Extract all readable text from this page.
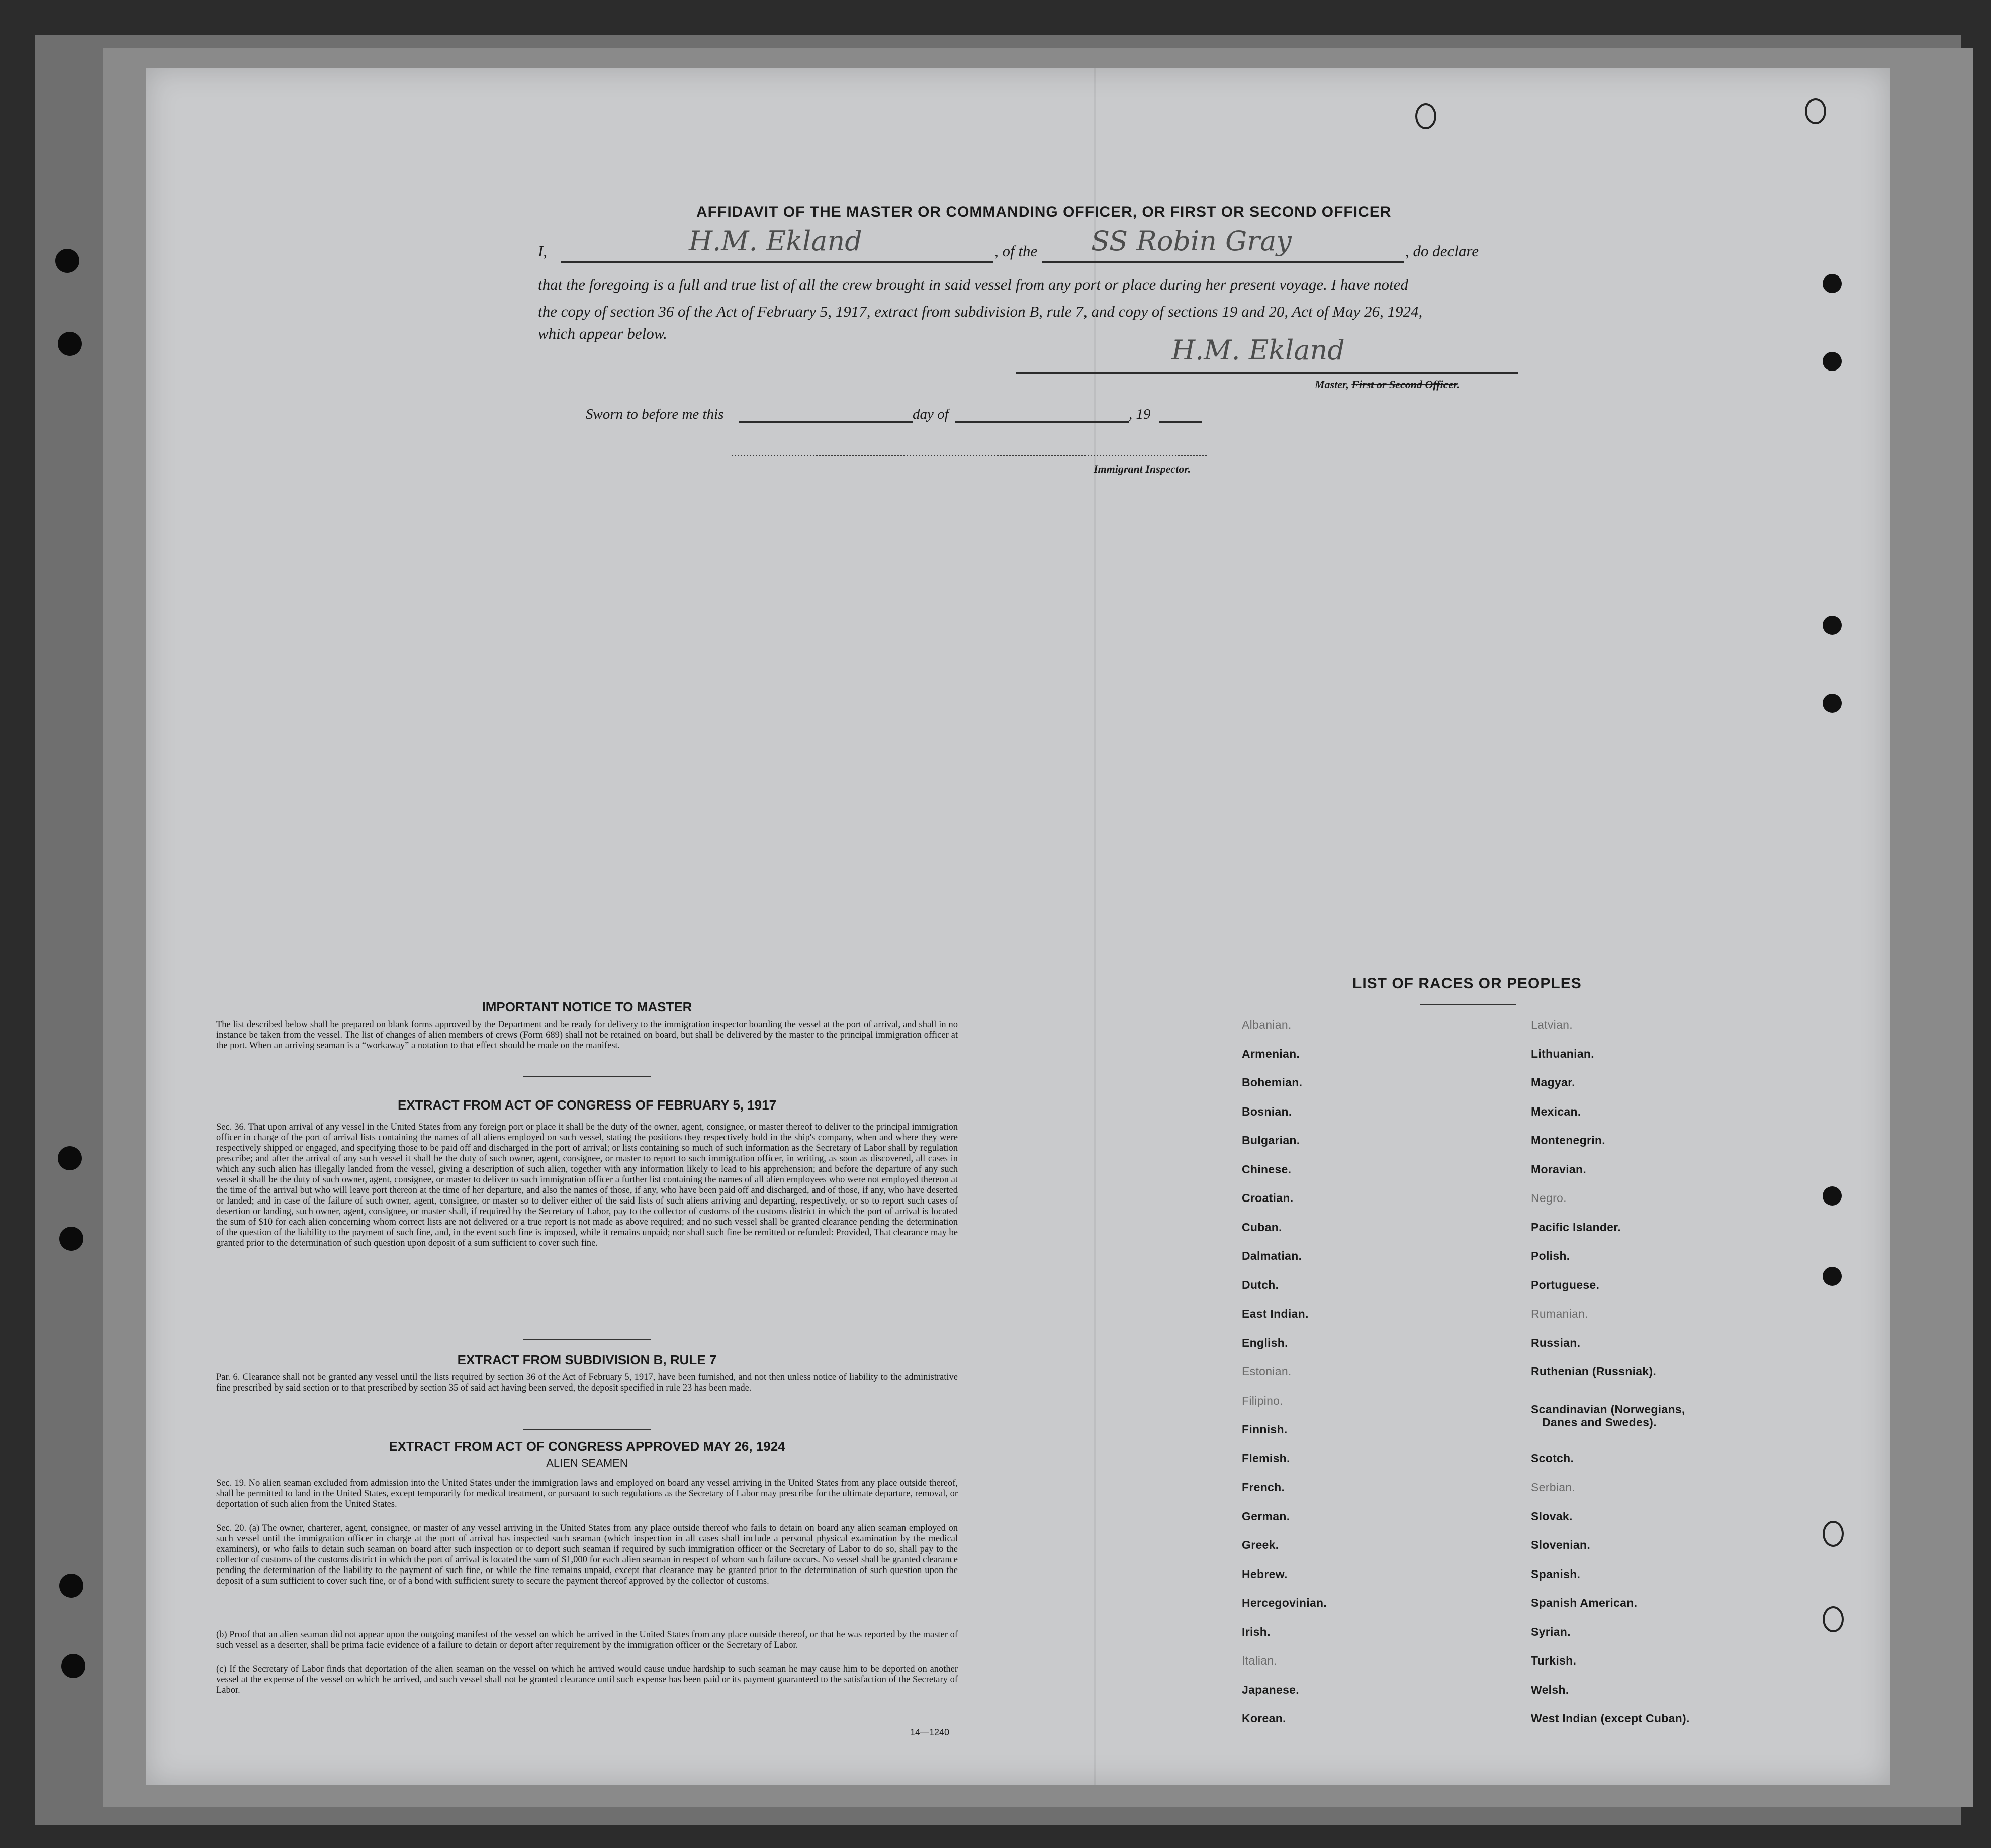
AFFIDAVIT OF THE MASTER OR COMMANDING OFFICER, OR FIRST OR SECOND OFFICER
I,	H.M. Ekland	, of the SS Robin Gray	, do declare
that the foregoing is a full and true list of all the crew brought in said vessel from any port or place during her present voyage. I have noted
the copy of section 36 of the Act of February 5, 1917, extract from subdivision B, rule 7, and copy of sections 19 and 20, Act of May 26, 1924,
which appear below.
H.M. Ekland
Master, First or Second Officer.
Sworn to before me this	day of	, 19
Immigrant Inspector.
IMPORTANT NOTICE TO MASTER
The list described below shall be prepared on blank forms approved by the Department and be ready for delivery to the immigration inspector boarding the vessel at the port of arrival, and shall in no instance be taken from the vessel. The list of changes of alien members of crews (Form 689) shall not be retained on board, but shall be delivered by the master to the principal immigration officer at the port. When an arriving seaman is a “workaway” a notation to that effect should be made on the manifest.
EXTRACT FROM ACT OF CONGRESS OF FEBRUARY 5, 1917
Sec. 36. That upon arrival of any vessel in the United States from any foreign port or place it shall be the duty of the owner, agent, consignee, or master thereof to deliver to the principal immigration officer in charge of the port of arrival lists containing the names of all aliens employed on such vessel, stating the positions they respectively hold in the ship's company, when and where they were respectively shipped or engaged, and specifying those to be paid off and discharged in the port of arrival; or lists containing so much of such information as the Secretary of Labor shall by regulation prescribe; and after the arrival of any such vessel it shall be the duty of such owner, agent, consignee, or master to report to such immigration officer, in writing, as soon as discovered, all cases in which any such alien has illegally landed from the vessel, giving a description of such alien, together with any information likely to lead to his apprehension; and before the departure of any such vessel it shall be the duty of such owner, agent, consignee, or master to deliver to such immigration officer a further list containing the names of all alien employees who were not employed thereon at the time of the arrival but who will leave port thereon at the time of her departure, and also the names of those, if any, who have been paid off and discharged, and of those, if any, who have deserted or landed; and in case of the failure of such owner, agent, consignee, or master so to deliver either of the said lists of such aliens arriving and departing, respectively, or so to report such cases of desertion or landing, such owner, agent, consignee, or master shall, if required by the Secretary of Labor, pay to the collector of customs of the customs district in which the port of arrival is located the sum of $10 for each alien concerning whom correct lists are not delivered or a true report is not made as above required; and no such vessel shall be granted clearance pending the determination of the question of the liability to the payment of such fine, and, in the event such fine is imposed, while it remains unpaid; nor shall such fine be remitted or refunded: Provided, That clearance may be granted prior to the determination of such question upon deposit of a sum sufficient to cover such fine.
EXTRACT FROM SUBDIVISION B, RULE 7
Par. 6. Clearance shall not be granted any vessel until the lists required by section 36 of the Act of February 5, 1917, have been furnished, and not then unless notice of liability to the administrative fine prescribed by said section or to that prescribed by section 35 of said act having been served, the deposit specified in rule 23 has been made.
EXTRACT FROM ACT OF CONGRESS APPROVED MAY 26, 1924
ALIEN SEAMEN
Sec. 19. No alien seaman excluded from admission into the United States under the immigration laws and employed on board any vessel arriving in the United States from any place outside thereof, shall be permitted to land in the United States, except temporarily for medical treatment, or pursuant to such regulations as the Secretary of Labor may prescribe for the ultimate departure, removal, or deportation of such alien from the United States.
Sec. 20. (a) The owner, charterer, agent, consignee, or master of any vessel arriving in the United States from any place outside thereof who fails to detain on board any alien seaman employed on such vessel until the immigration officer in charge at the port of arrival has inspected such seaman (which inspection in all cases shall include a personal physical examination by the medical examiners), or who fails to detain such seaman on board after such inspection or to deport such seaman if required by such immigration officer or the Secretary of Labor to do so, shall pay to the collector of customs of the customs district in which the port of arrival is located the sum of $1,000 for each alien seaman in respect of whom such failure occurs. No vessel shall be granted clearance pending the determination of the liability to the payment of such fine, or while the fine remains unpaid, except that clearance may be granted prior to the determination of such question upon the deposit of a sum sufficient to cover such fine, or of a bond with sufficient surety to secure the payment thereof approved by the collector of customs.
(b) Proof that an alien seaman did not appear upon the outgoing manifest of the vessel on which he arrived in the United States from any place outside thereof, or that he was reported by the master of such vessel as a deserter, shall be prima facie evidence of a failure to detain or deport after requirement by the immigration officer or the Secretary of Labor.
(c) If the Secretary of Labor finds that deportation of the alien seaman on the vessel on which he arrived would cause undue hardship to such seaman he may cause him to be deported on another vessel at the expense of the vessel on which he arrived, and such vessel shall not be granted clearance until such expense has been paid or its payment guaranteed to the satisfaction of the Secretary of Labor.
14—1240
LIST OF RACES OR PEOPLES
Albanian.
Armenian.
Bohemian.
Bosnian.
Bulgarian.
Chinese.
Croatian.
Cuban.
Dalmatian.
Dutch.
East Indian.
English.
Estonian.
Filipino.
Finnish.
Flemish.
French.
German.
Greek.
Hebrew.
Hercegovinian.
Irish.
Italian.
Japanese.
Korean.
Latvian.
Lithuanian.
Magyar.
Mexican.
Montenegrin.
Moravian.
Negro.
Pacific Islander.
Polish.
Portuguese.
Rumanian.
Russian.
Ruthenian (Russniak).
Scandinavian (Norwegians,
Danes and Swedes).
Scotch.
Serbian.
Slovak.
Slovenian.
Spanish.
Spanish American.
Syrian.
Turkish.
Welsh.
West Indian (except Cuban).
